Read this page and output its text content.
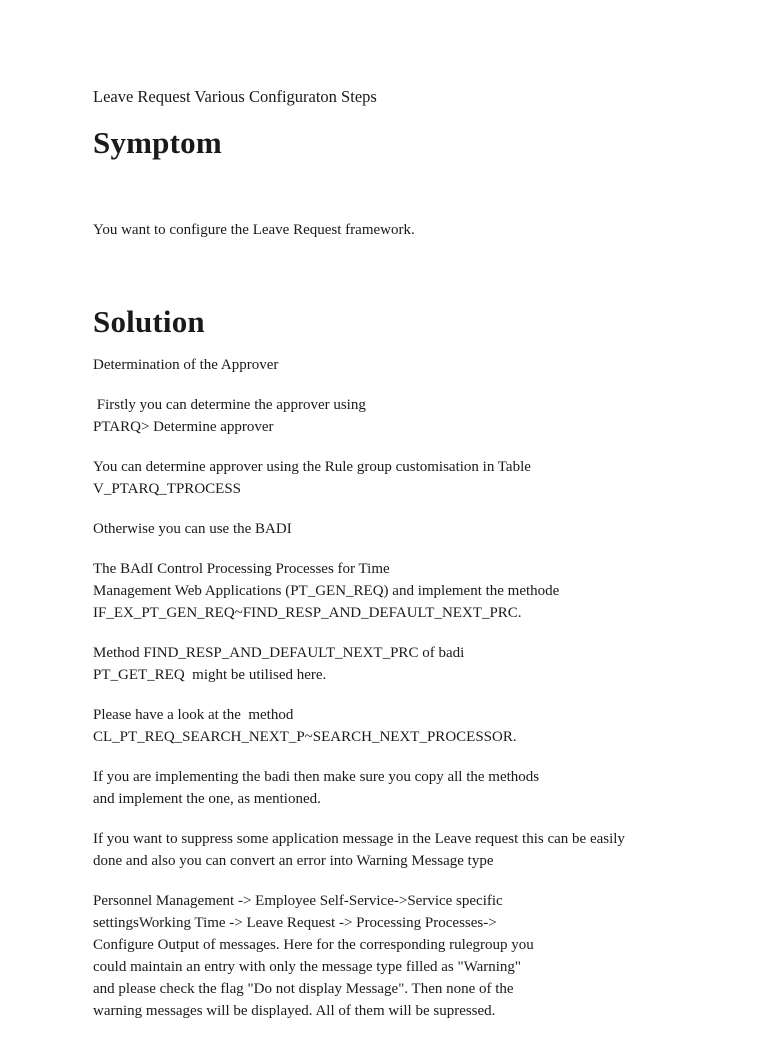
Leave Request Various Configuraton Steps
Symptom

You want to configure the Leave Request framework.

Solution
Determination of the Approver
Firstly you can determine the approver using
PTARQ> Determine approver
You can determine approver using the Rule group customisation in Table
V_PTARQ_TPROCESS
Otherwise you can use the BADI
The BAdI Control Processing Processes for Time
Management Web Applications (PT_GEN_REQ) and implement the methode
IF_EX_PT_GEN_REQ~FIND_RESP_AND_DEFAULT_NEXT_PRC.
Method FIND_RESP_AND_DEFAULT_NEXT_PRC of badi
PT_GET_REQ  might be utilised here.
Please have a look at the  method
CL_PT_REQ_SEARCH_NEXT_P~SEARCH_NEXT_PROCESSOR.
If you are implementing the badi then make sure you copy all the methods
and implement the one, as mentioned.
If you want to suppress some application message in the Leave request this can be easily
done and also you can convert an error into Warning Message type
Personnel Management -> Employee Self-Service->Service specific
settingsWorking Time -> Leave Request -> Processing Processes->
Configure Output of messages. Here for the corresponding rulegroup you
could maintain an entry with only the message type filled as "Warning"
and please check the flag "Do not display Message". Then none of the
warning messages will be displayed. All of them will be supressed.
